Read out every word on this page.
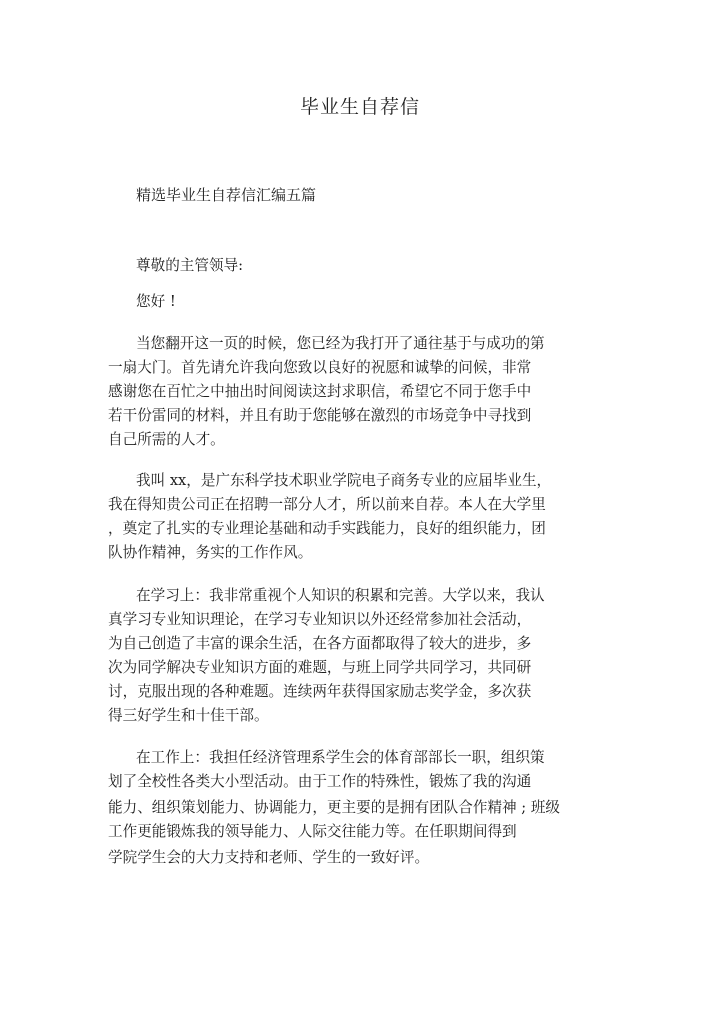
毕业生自荐信
精选毕业生自荐信汇编五篇
尊敬的主管领导:
您好 !
当您翻开这一页的时候，您已经为我打开了通往基于与成功的第
一扇大门。首先请允许我向您致以良好的祝愿和诚挚的问候，非常
感谢您在百忙之中抽出时间阅读这封求职信，希望它不同于您手中
若干份雷同的材料，并且有助于您能够在激烈的市场竞争中寻找到
自己所需的人才。
我叫 xx，是广东科学技术职业学院电子商务专业的应届毕业生，
我在得知贵公司正在招聘一部分人才，所以前来自荐。本人在大学里
，奠定了扎实的专业理论基础和动手实践能力，良好的组织能力，团
队协作精神，务实的工作作风。
在学习上：我非常重视个人知识的积累和完善。大学以来，我认
真学习专业知识理论，在学习专业知识以外还经常参加社会活动，
为自己创造了丰富的课余生活，在各方面都取得了较大的进步，多
次为同学解决专业知识方面的难题，与班上同学共同学习，共同研
讨，克服出现的各种难题。连续两年获得国家励志奖学金，多次获
得三好学生和十佳干部。
在工作上：我担任经济管理系学生会的体育部部长一职，组织策
划了全校性各类大小型活动。由于工作的特殊性，锻炼了我的沟通
能力、组织策划能力、协调能力，更主要的是拥有团队合作精神 ; 班级
工作更能锻炼我的领导能力、人际交往能力等。在任职期间得到
学院学生会的大力支持和老师、学生的一致好评。
